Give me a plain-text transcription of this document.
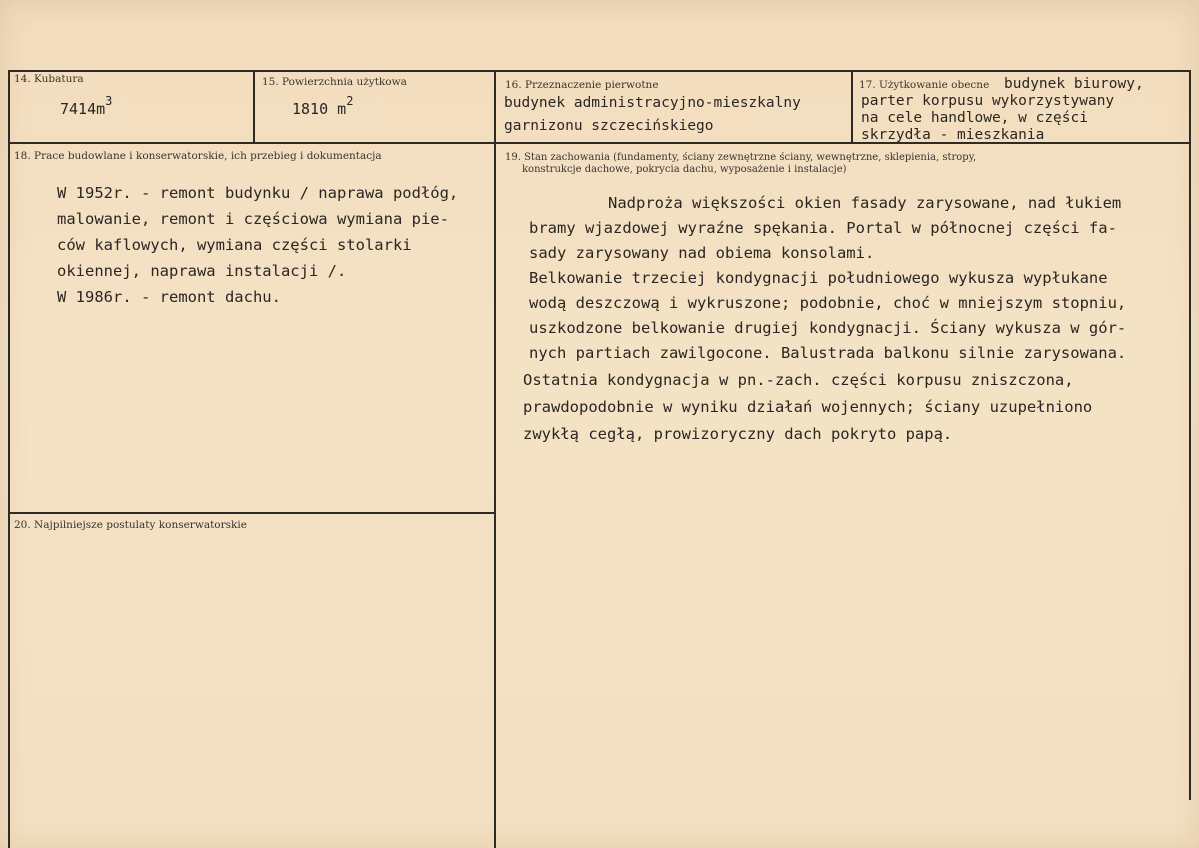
14. Kubatura
$7414m^3$
15. Powierzchnia użytkowa
1810 $m^2$
16. Przeznaczenie pierwotne
budynek administracyjno-mieszkalny
garnizonu szczecińskiego
17. Użytkowanie obecne budynek biurowy,
parter korpusu wykorzystywany
na cele handlowe, w części
skrzydła - mieszkania
18. Prace budowlane i konserwatorskie, ich przebieg i dokumentacja
W 1952r. - remont budynku / naprawa podłóg,
malowanie, remont i częściowa wymiana pie-
ców kaflowych, wymiana części stolarki
okiennej, naprawa instalacji /.
W 1986r. - remont dachu.
19. Stan zachowania (fundamenty, ściany zewnętrzne ściany, wewnętrzne, sklepienia, stropy,
konstrukcje dachowe, pokrycia dachu, wyposażenie i instalacje)
Nadproża większości okien fasady zarysowane, nad łukiem
bramy wjazdowej wyraźne spękania. Portal w północnej części fa-
sady zarysowany nad obiema konsolami.
Belkowanie trzeciej kondygnacji południowego wykusza wypłukane
wodą deszczową i wykruszone; podobnie, choć w mniejszym stopniu,
uszkodzone belkowanie drugiej kondygnacji. Ściany wykusza w gór-
nych partiach zawilgocone. Balustrada balkonu silnie zarysowana.
Ostatnia kondygnacja w pn.-zach. części korpusu zniszczona,
prawdopodobnie w wyniku działań wojennych; ściany uzupełniono
zwykłą cegłą, prowizoryczny dach pokryto papą.
20. Najpilniejsze postulaty konserwatorskie
